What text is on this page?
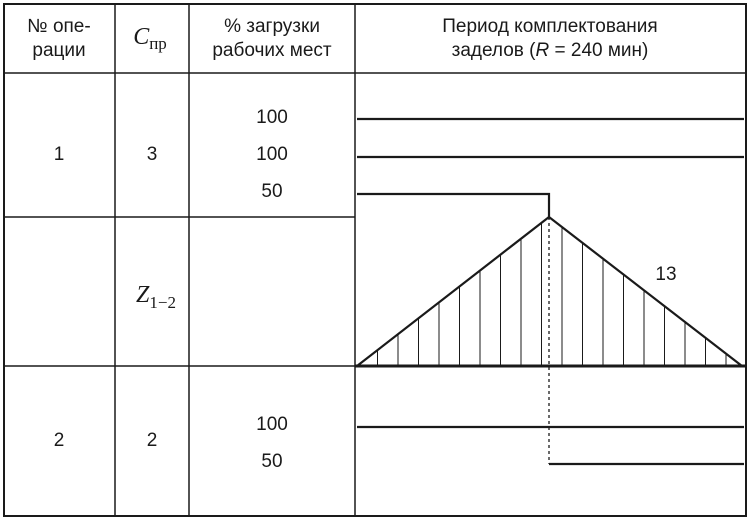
№ опе-
рации
Cпр
% загрузки
рабочих мест
Период комплектования
заделов (R = 240 мин)
1	3
100
100
50
Z1−2
13
2	2
100
50
